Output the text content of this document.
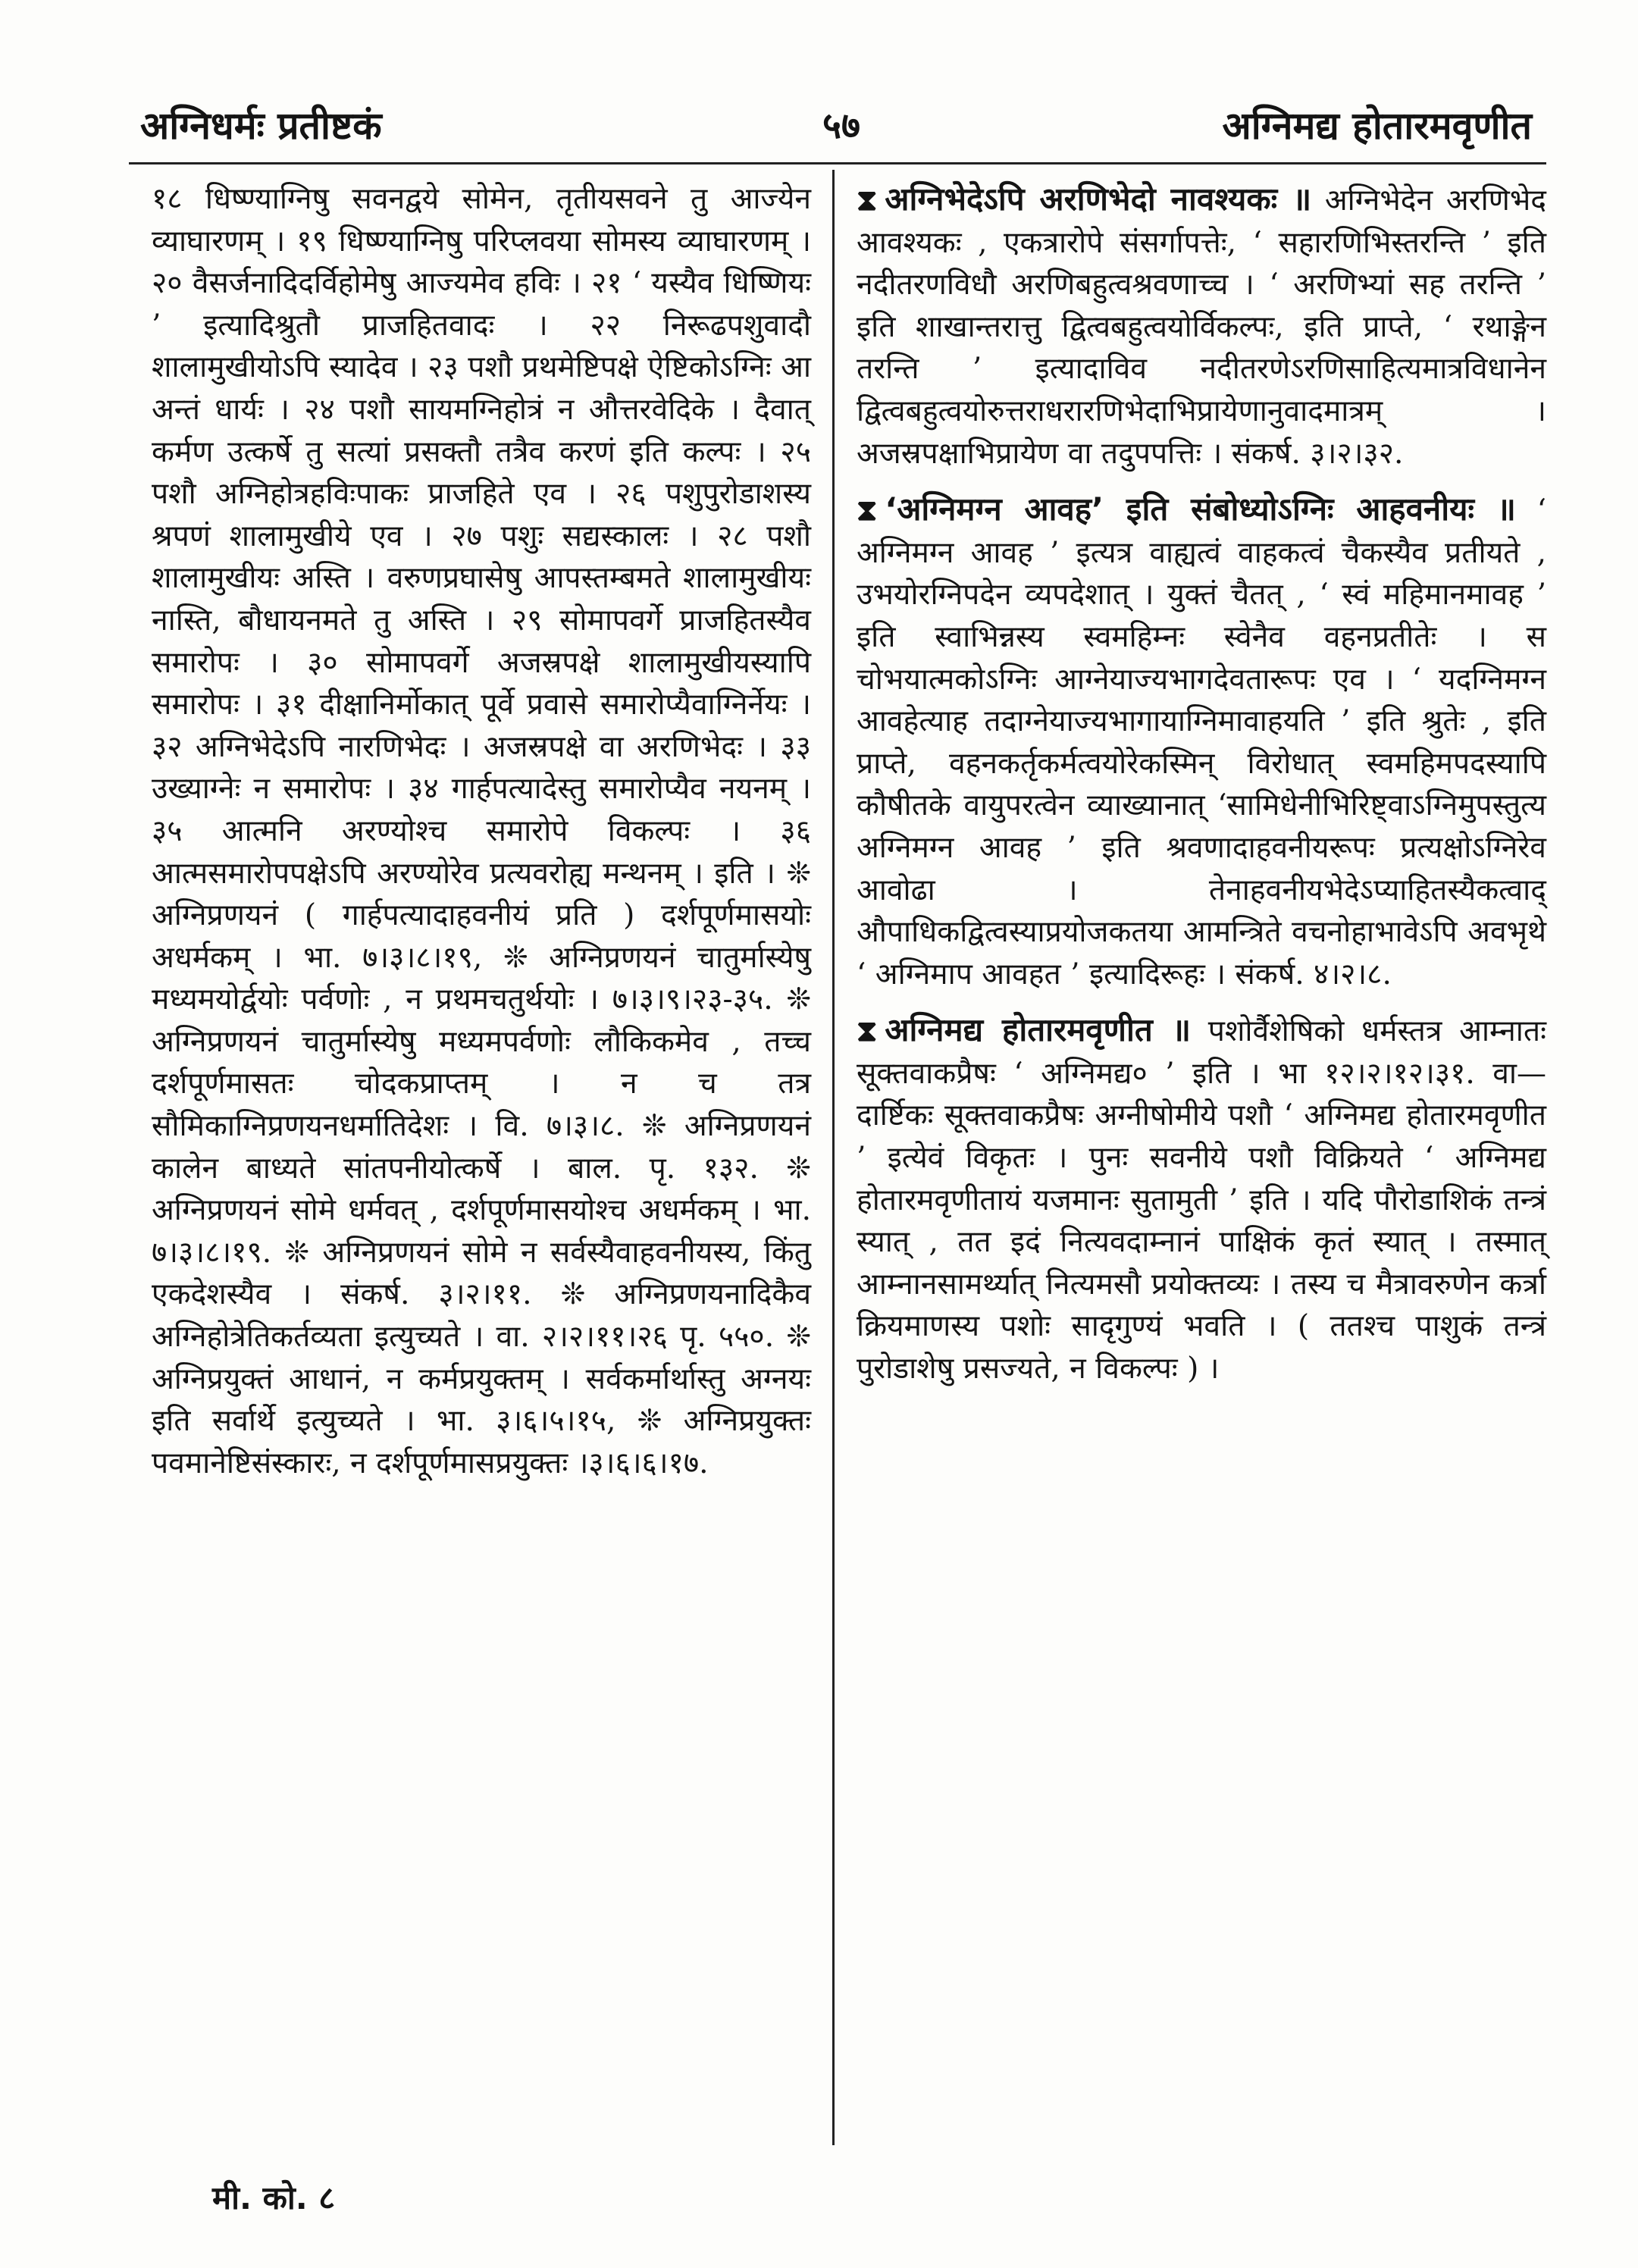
अग्निधर्मः प्रतीष्टकं	५७	अग्निमद्य होतारमवृणीत

१८ धिष्ण्याग्निषु सवनद्वये सोमेन, तृतीयसवने तु आज्येन व्याघारणम् । १९ धिष्ण्याग्निषु परिप्लवया सोमस्य व्याघारणम् । २० वैसर्जनादिदर्विहोमेषु आज्यमेव हविः । २१ ‘ यस्यैव धिष्णियः ’ इत्यादिश्रुतौ प्राजहितवादः । २२ निरूढपशुवादौ शालामुखीयोऽपि स्यादेव । २३ पशौ प्रथमेष्टिपक्षे ऐष्टिकोऽग्निः आ अन्तं धार्यः । २४ पशौ सायमग्निहोत्रं न औत्तरवेदिके । दैवात् कर्मण उत्कर्षे तु सत्यां प्रसक्तौ तत्रैव करणं इति कल्पः । २५ पशौ अग्निहोत्रहविःपाकः प्राजहिते एव । २६ पशुपुरोडाशस्य श्रपणं शालामुखीये एव । २७ पशुः सद्यस्कालः । २८ पशौ शालामुखीयः अस्ति । वरुणप्रघासेषु आपस्तम्बमते शालामुखीयः नास्ति, बौधायनमते तु अस्ति । २९ सोमापवर्गे प्राजहितस्यैव समारोपः । ३० सोमापवर्गे अजस्रपक्षे शालामुखीयस्यापि समारोपः । ३१ दीक्षानिर्मोकात् पूर्वे प्रवासे समारोप्यैवाग्निर्नेयः । ३२ अग्निभेदेऽपि नारणिभेदः । अजस्रपक्षे वा अरणिभेदः । ३३ उख्याग्नेः न समारोपः । ३४ गार्हपत्यादेस्तु समारोप्यैव नयनम् । ३५ आत्मनि अरण्योश्च समारोपे विकल्पः । ३६ आत्मसमारोपपक्षेऽपि अरण्योरेव प्रत्यवरोह्य मन्थनम् । इति । ❊ अग्निप्रणयनं ( गार्हपत्यादाहवनीयं प्रति ) दर्शपूर्णमासयोः अधर्मकम् । भा. ७।३।८।१९, ❊ अग्निप्रणयनं चातुर्मास्येषु मध्यमयोर्द्वयोः पर्वणोः , न प्रथमचतुर्थयोः । ७।३।९।२३-३५. ❊ अग्निप्रणयनं चातुर्मास्येषु मध्यमपर्वणोः लौकिकमेव , तच्च दर्शपूर्णमासतः चोदकप्राप्तम् । न च तत्र सौमिकाग्निप्रणयनधर्मातिदेशः । वि. ७।३।८. ❊ अग्निप्रणयनं कालेन बाध्यते सांतपनीयोत्कर्षे । बाल. पृ. १३२. ❊ अग्निप्रणयनं सोमे धर्मवत् , दर्शपूर्णमासयोश्च अधर्मकम् । भा. ७।३।८।१९. ❊ अग्निप्रणयनं सोमे न सर्वस्यैवाहवनीयस्य, किंतु एकदेशस्यैव । संकर्ष. ३।२।११. ❊ अग्निप्रणयनादिकैव अग्निहोत्रेतिकर्तव्यता इत्युच्यते । वा. २।२।११।२६ पृ. ५५०. ❊ अग्निप्रयुक्तं आधानं, न कर्मप्रयुक्तम् । सर्वकर्मार्थास्तु अग्नयः इति सर्वार्थे इत्युच्यते । भा. ३।६।५।१५, ❊ अग्निप्रयुक्तः पवमानेष्टिसंस्कारः, न दर्शपूर्णमासप्रयुक्तः ।३।६।६।१७.

⧗ अग्निभेदेऽपि अरणिभेदो नावश्यकः ॥ अग्निभेदेन अरणिभेद आवश्यकः , एकत्रारोपे संसर्गापत्तेः, ‘ सहारणिभिस्तरन्ति ’ इति नदीतरणविधौ अरणिबहुत्वश्रवणाच्च । ‘ अरणिभ्यां सह तरन्ति ’ इति शाखान्तरात्तु द्वित्वबहुत्वयोर्विकल्पः, इति प्राप्ते, ‘ रथाङ्गेन तरन्ति ’ इत्यादाविव नदीतरणेऽरणिसाहित्यमात्रविधानेन द्वित्वबहुत्वयोरुत्तराधरारणिभेदाभिप्रायेणानुवादमात्रम् । अजस्रपक्षाभिप्रायेण वा तदुपपत्तिः । संकर्ष. ३।२।३२.

⧗ ‘अग्निमग्न आवह’ इति संबोध्योऽग्निः आहवनीयः ॥ ‘ अग्निमग्न आवह ’ इत्यत्र वाह्यत्वं वाहकत्वं चैकस्यैव प्रतीयते , उभयोरग्निपदेन व्यपदेशात् । युक्तं चैतत् , ‘ स्वं महिमानमावह ’ इति स्वाभिन्नस्य स्वमहिम्नः स्वेनैव वहनप्रतीतेः । स चोभयात्मकोऽग्निः आग्नेयाज्यभागदेवतारूपः एव । ‘ यदग्निमग्न आवहेत्याह तदाग्नेयाज्यभागायाग्निमावाहयति ’ इति श्रुतेः , इति प्राप्ते, वहनकर्तृकर्मत्वयोरेकस्मिन् विरोधात् स्वमहिमपदस्यापि कौषीतके वायुपरत्वेन व्याख्यानात् ‘सामिधेनीभिरिष्ट्वाऽग्निमुपस्तुत्य अग्निमग्न आवह ’ इति श्रवणादाहवनीयरूपः प्रत्यक्षोऽग्निरेव आवोढा । तेनाहवनीयभेदेऽप्याहितस्यैकत्वाद् औपाधिकद्वित्वस्याप्रयोजकतया आमन्त्रिते वचनोहाभावेऽपि अवभृथे ‘ अग्निमाप आवहत ’ इत्यादिरूहः । संकर्ष. ४।२।८.

⧗ अग्निमद्य होतारमवृणीत ॥ पशोर्वैशेषिको धर्मस्तत्र आम्नातः सूक्तवाकप्रैषः ‘ अग्निमद्य० ’ इति । भा १२।२।१२।३१. वा—दार्ष्टिकः सूक्तवाकप्रैषः अग्नीषोमीये पशौ ‘ अग्निमद्य होतारमवृणीत ’ इत्येवं विकृतः । पुनः सवनीये पशौ विक्रियते ‘ अग्निमद्य होतारमवृणीतायं यजमानः सुतामुती ’ इति । यदि पौरोडाशिकं तन्त्रं स्यात् , तत इदं नित्यवदाम्नानं पाक्षिकं कृतं स्यात् । तस्मात् आम्नानसामर्थ्यात् नित्यमसौ प्रयोक्तव्यः । तस्य च मैत्रावरुणेन कर्त्रा क्रियमाणस्य पशोः सादृगुण्यं भवति । ( ततश्च पाशुकं तन्त्रं पुरोडाशेषु प्रसज्यते, न विकल्पः ) ।

मी. को. ८
